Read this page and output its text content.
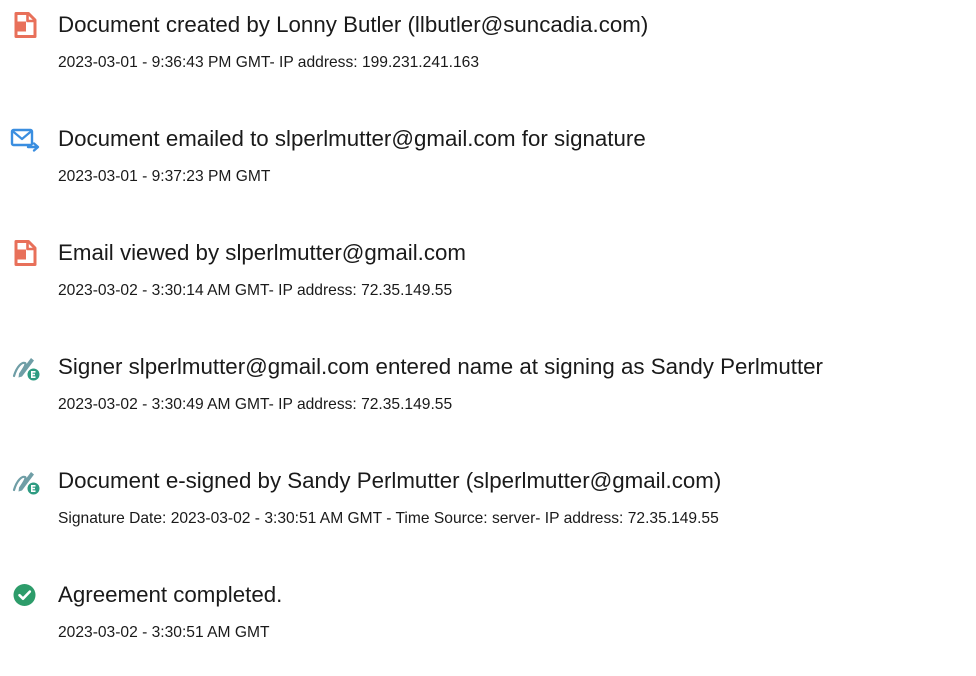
Document created by Lonny Butler (llbutler@suncadia.com)
2023-03-01 - 9:36:43 PM GMT- IP address: 199.231.241.163
Document emailed to slperlmutter@gmail.com for signature
2023-03-01 - 9:37:23 PM GMT
Email viewed by slperlmutter@gmail.com
2023-03-02 - 3:30:14 AM GMT- IP address: 72.35.149.55
Signer slperlmutter@gmail.com entered name at signing as Sandy Perlmutter
2023-03-02 - 3:30:49 AM GMT- IP address: 72.35.149.55
Document e-signed by Sandy Perlmutter (slperlmutter@gmail.com)
Signature Date: 2023-03-02 - 3:30:51 AM GMT - Time Source: server- IP address: 72.35.149.55
Agreement completed.
2023-03-02 - 3:30:51 AM GMT
